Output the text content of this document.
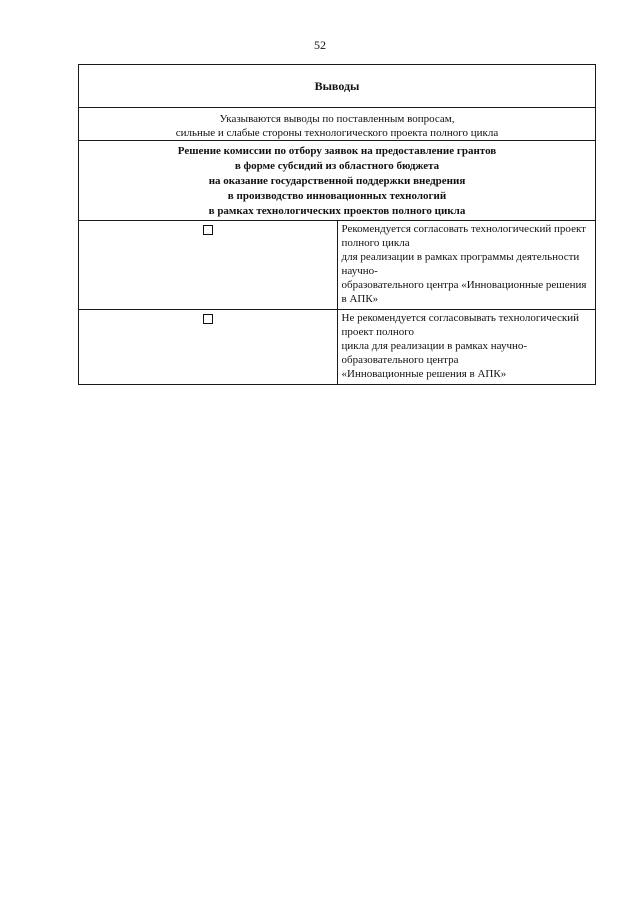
52
Выводы	

Указываются выводы по поставленным вопросам,
сильные и слабые стороны технологического проекта полного цикла	

Решение комиссии по отбору заявок на предоставление грантов
в форме субсидий из областного бюджета
на оказание государственной поддержки внедрения
в производство инновационных технологий
в рамках технологических проектов полного цикла	

	Рекомендуется согласовать технологический проект полного цикла
для реализации в рамках программы деятельности научно-
образовательного центра «Инновационные решения в АПК»

	Не рекомендуется согласовывать технологический проект полного
цикла для реализации в рамках научно-образовательного центра
«Инновационные решения в АПК»
